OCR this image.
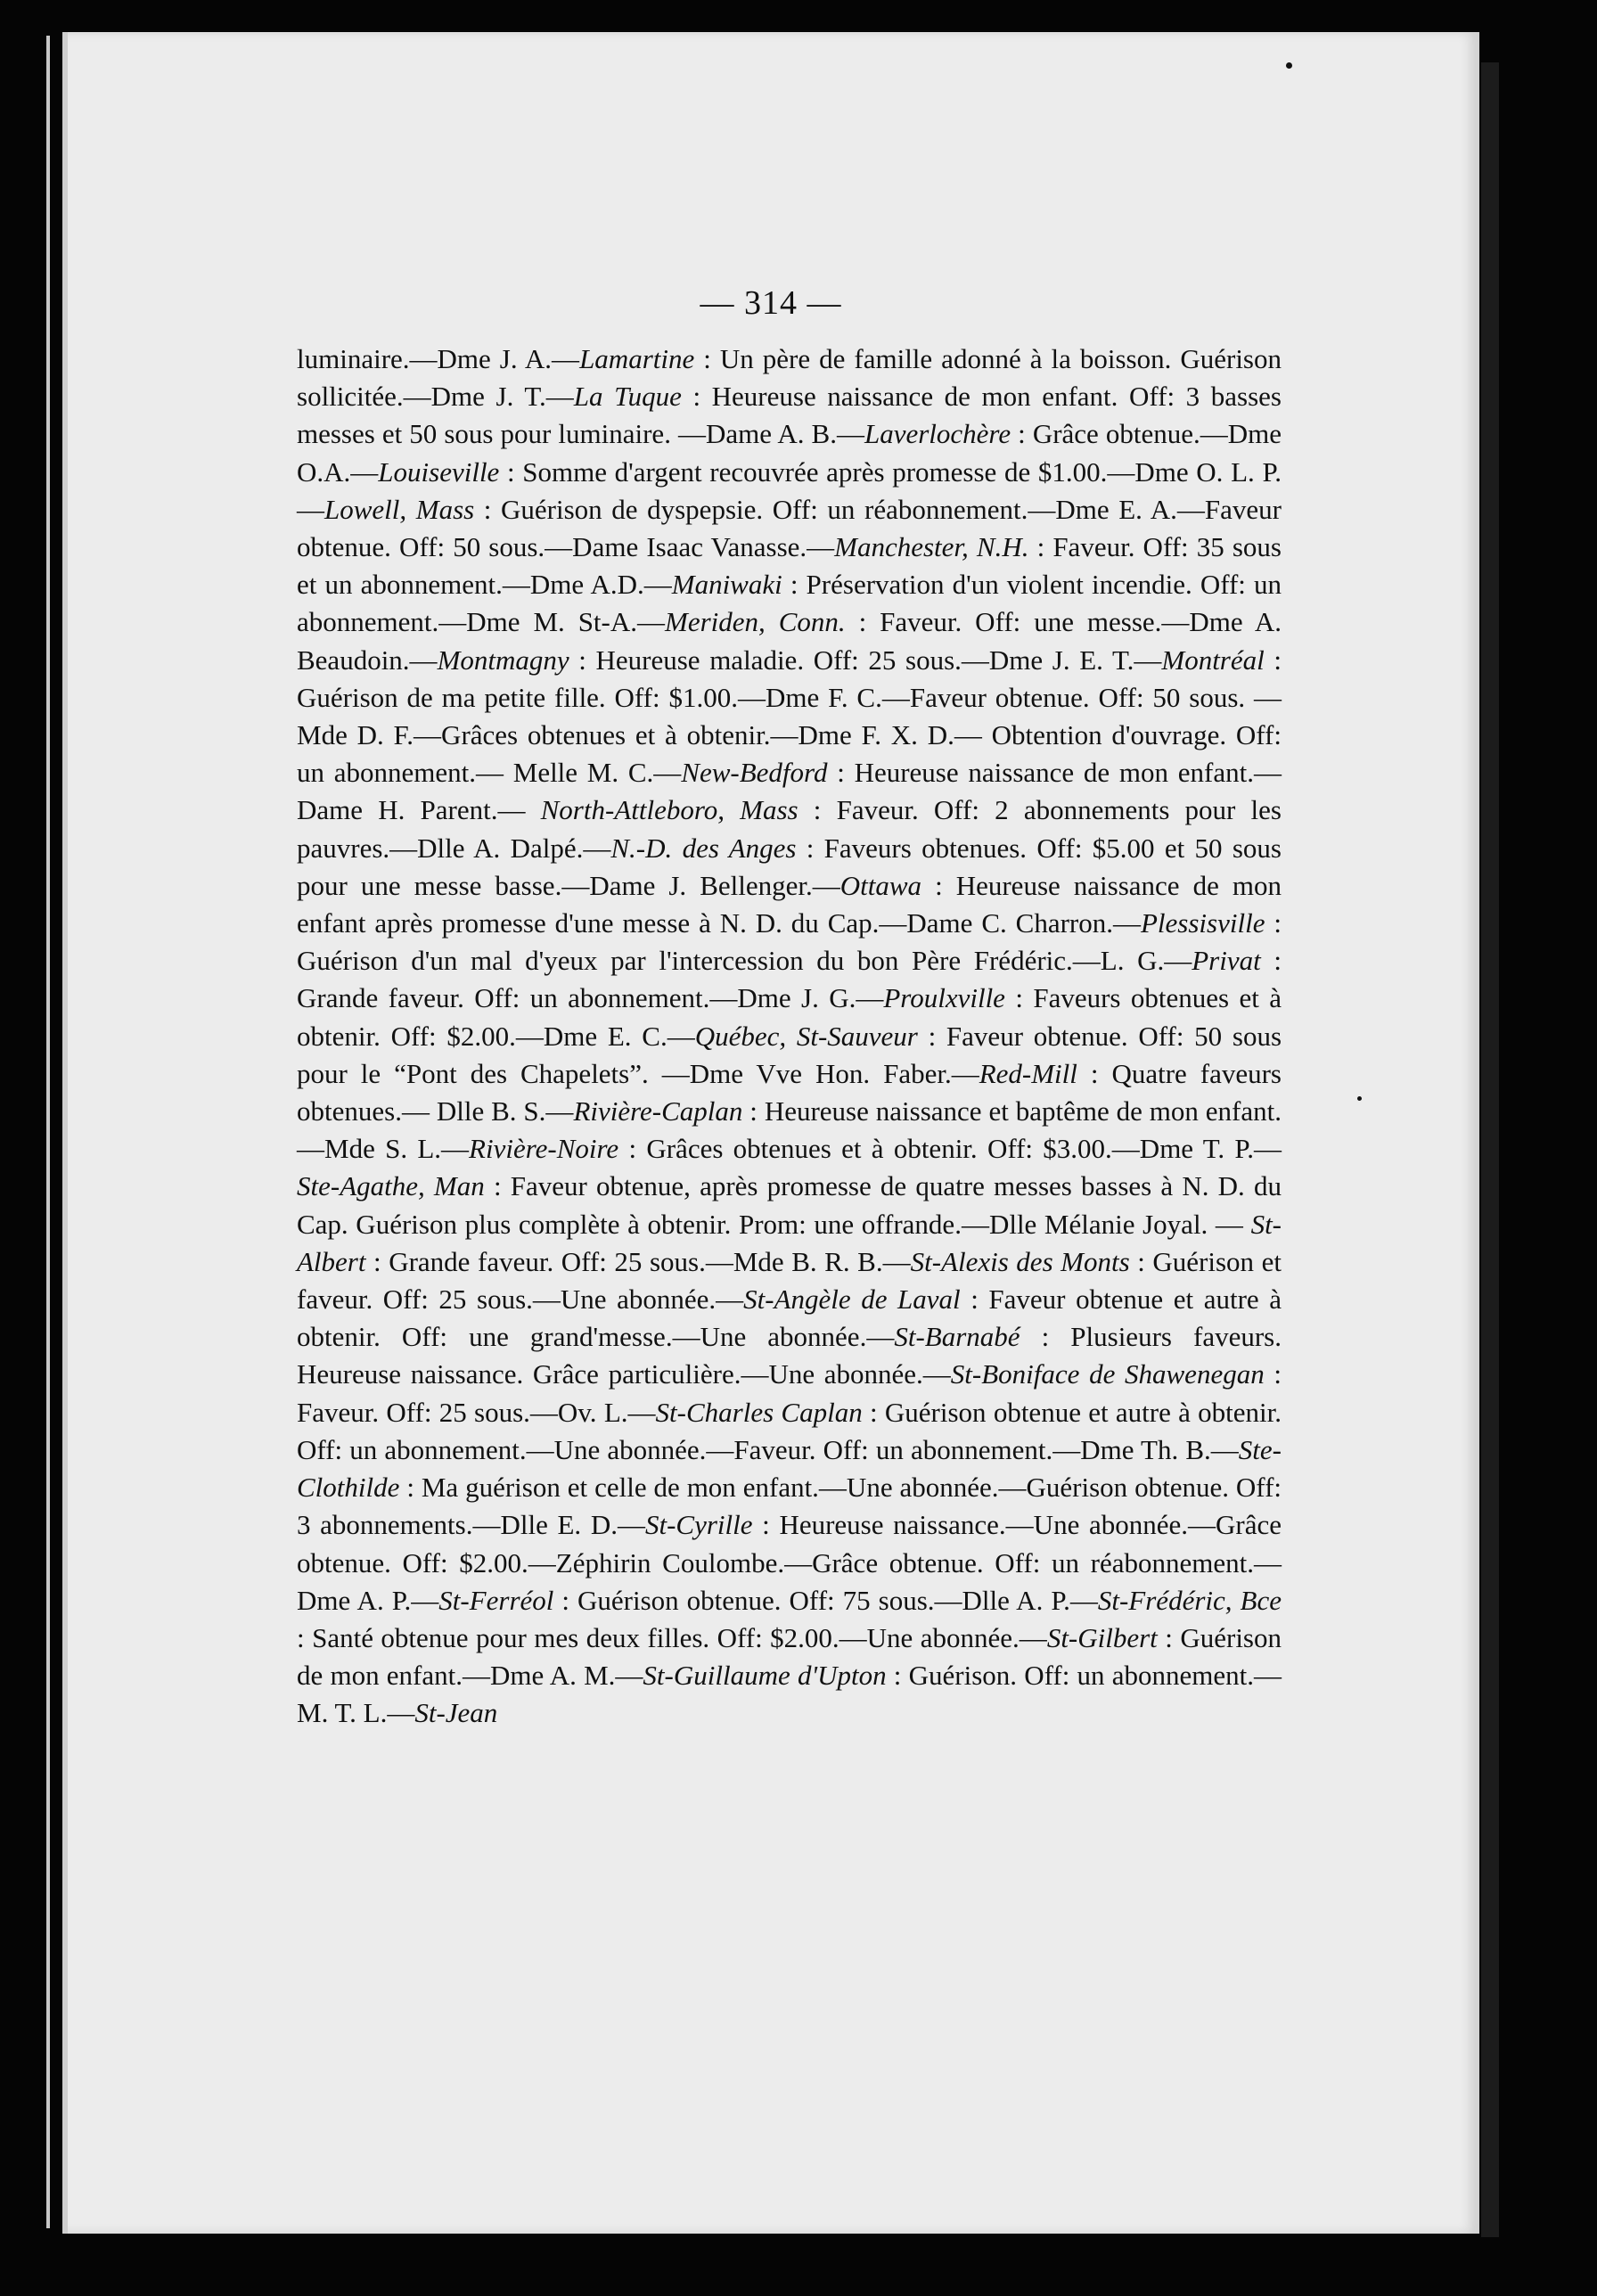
— 314 —
luminaire.—Dme J. A.—Lamartine : Un père de famille adonné à la boisson. Guérison sollicitée.—Dme J. T.—La Tuque : Heureuse naissance de mon enfant. Off: 3 basses messes et 50 sous pour luminaire. —Dame A. B.—Laverlochère : Grâce obtenue.—Dme O.A.—Louiseville : Somme d'argent recouvrée après promesse de $1.00.—Dme O. L. P.—Lowell, Mass : Guérison de dyspepsie. Off: un réabonnement.—Dme E. A.—Faveur obtenue. Off: 50 sous.—Dame Isaac Vanasse.—Manchester, N.H. : Faveur. Off: 35 sous et un abonnement.—Dme A.D.—Maniwaki : Préservation d'un violent incendie. Off: un abonnement.—Dme M. St-A.—Meriden, Conn. : Faveur. Off: une messe.—Dme A. Beaudoin.—Montmagny : Heureuse maladie. Off: 25 sous.—Dme J. E. T.—Montréal : Guérison de ma petite fille. Off: $1.00.—Dme F. C.—Faveur obtenue. Off: 50 sous. —Mde D. F.—Grâces obtenues et à obtenir.—Dme F. X. D.— Obtention d'ouvrage. Off: un abonnement.— Melle M. C.—New-Bedford : Heureuse naissance de mon enfant.—Dame H. Parent.— North-Attleboro, Mass : Faveur. Off: 2 abonnements pour les pauvres.—Dlle A. Dalpé.—N.-D. des Anges : Faveurs obtenues. Off: $5.00 et 50 sous pour une messe basse.—Dame J. Bellenger.—Ottawa : Heureuse naissance de mon enfant après promesse d'une messe à N. D. du Cap.—Dame C. Charron.—Plessisville : Guérison d'un mal d'yeux par l'intercession du bon Père Frédéric.—L. G.—Privat : Grande faveur. Off: un abonnement.—Dme J. G.—Proulxville : Faveurs obtenues et à obtenir. Off: $2.00.—Dme E. C.—Québec, St-Sauveur : Faveur obtenue. Off: 50 sous pour le “Pont des Chapelets”. —Dme Vve Hon. Faber.—Red-Mill : Quatre faveurs obtenues.— Dlle B. S.—Rivière-Caplan : Heureuse naissance et baptême de mon enfant.—Mde S. L.—Rivière-Noire : Grâces obtenues et à obtenir. Off: $3.00.—Dme T. P.—Ste-Agathe, Man : Faveur obtenue, après promesse de quatre messes basses à N. D. du Cap. Guérison plus complète à obtenir. Prom: une offrande.—Dlle Mélanie Joyal. — St-Albert : Grande faveur. Off: 25 sous.—Mde B. R. B.—St-Alexis des Monts : Guérison et faveur. Off: 25 sous.—Une abonnée.—St-Angèle de Laval : Faveur obtenue et autre à obtenir. Off: une grand'messe.—Une abonnée.—St-Barnabé : Plusieurs faveurs. Heureuse naissance. Grâce particulière.—Une abonnée.—St-Boniface de Shawenegan : Faveur. Off: 25 sous.—Ov. L.—St-Charles Caplan : Guérison obtenue et autre à obtenir. Off: un abonnement.—Une abonnée.—Faveur. Off: un abonnement.—Dme Th. B.—Ste-Clothilde : Ma guérison et celle de mon enfant.—Une abonnée.—Guérison obtenue. Off: 3 abonnements.—Dlle E. D.—St-Cyrille : Heureuse naissance.—Une abonnée.—Grâce obtenue. Off: $2.00.—Zéphirin Coulombe.—Grâce obtenue. Off: un réabonnement.—Dme A. P.—St-Ferréol : Guérison obtenue. Off: 75 sous.—Dlle A. P.—St-Frédéric, Bce : Santé obtenue pour mes deux filles. Off: $2.00.—Une abonnée.—St-Gilbert : Guérison de mon enfant.—Dme A. M.—St-Guillaume d'Upton : Guérison. Off: un abonnement.—M. T. L.—St-Jean
